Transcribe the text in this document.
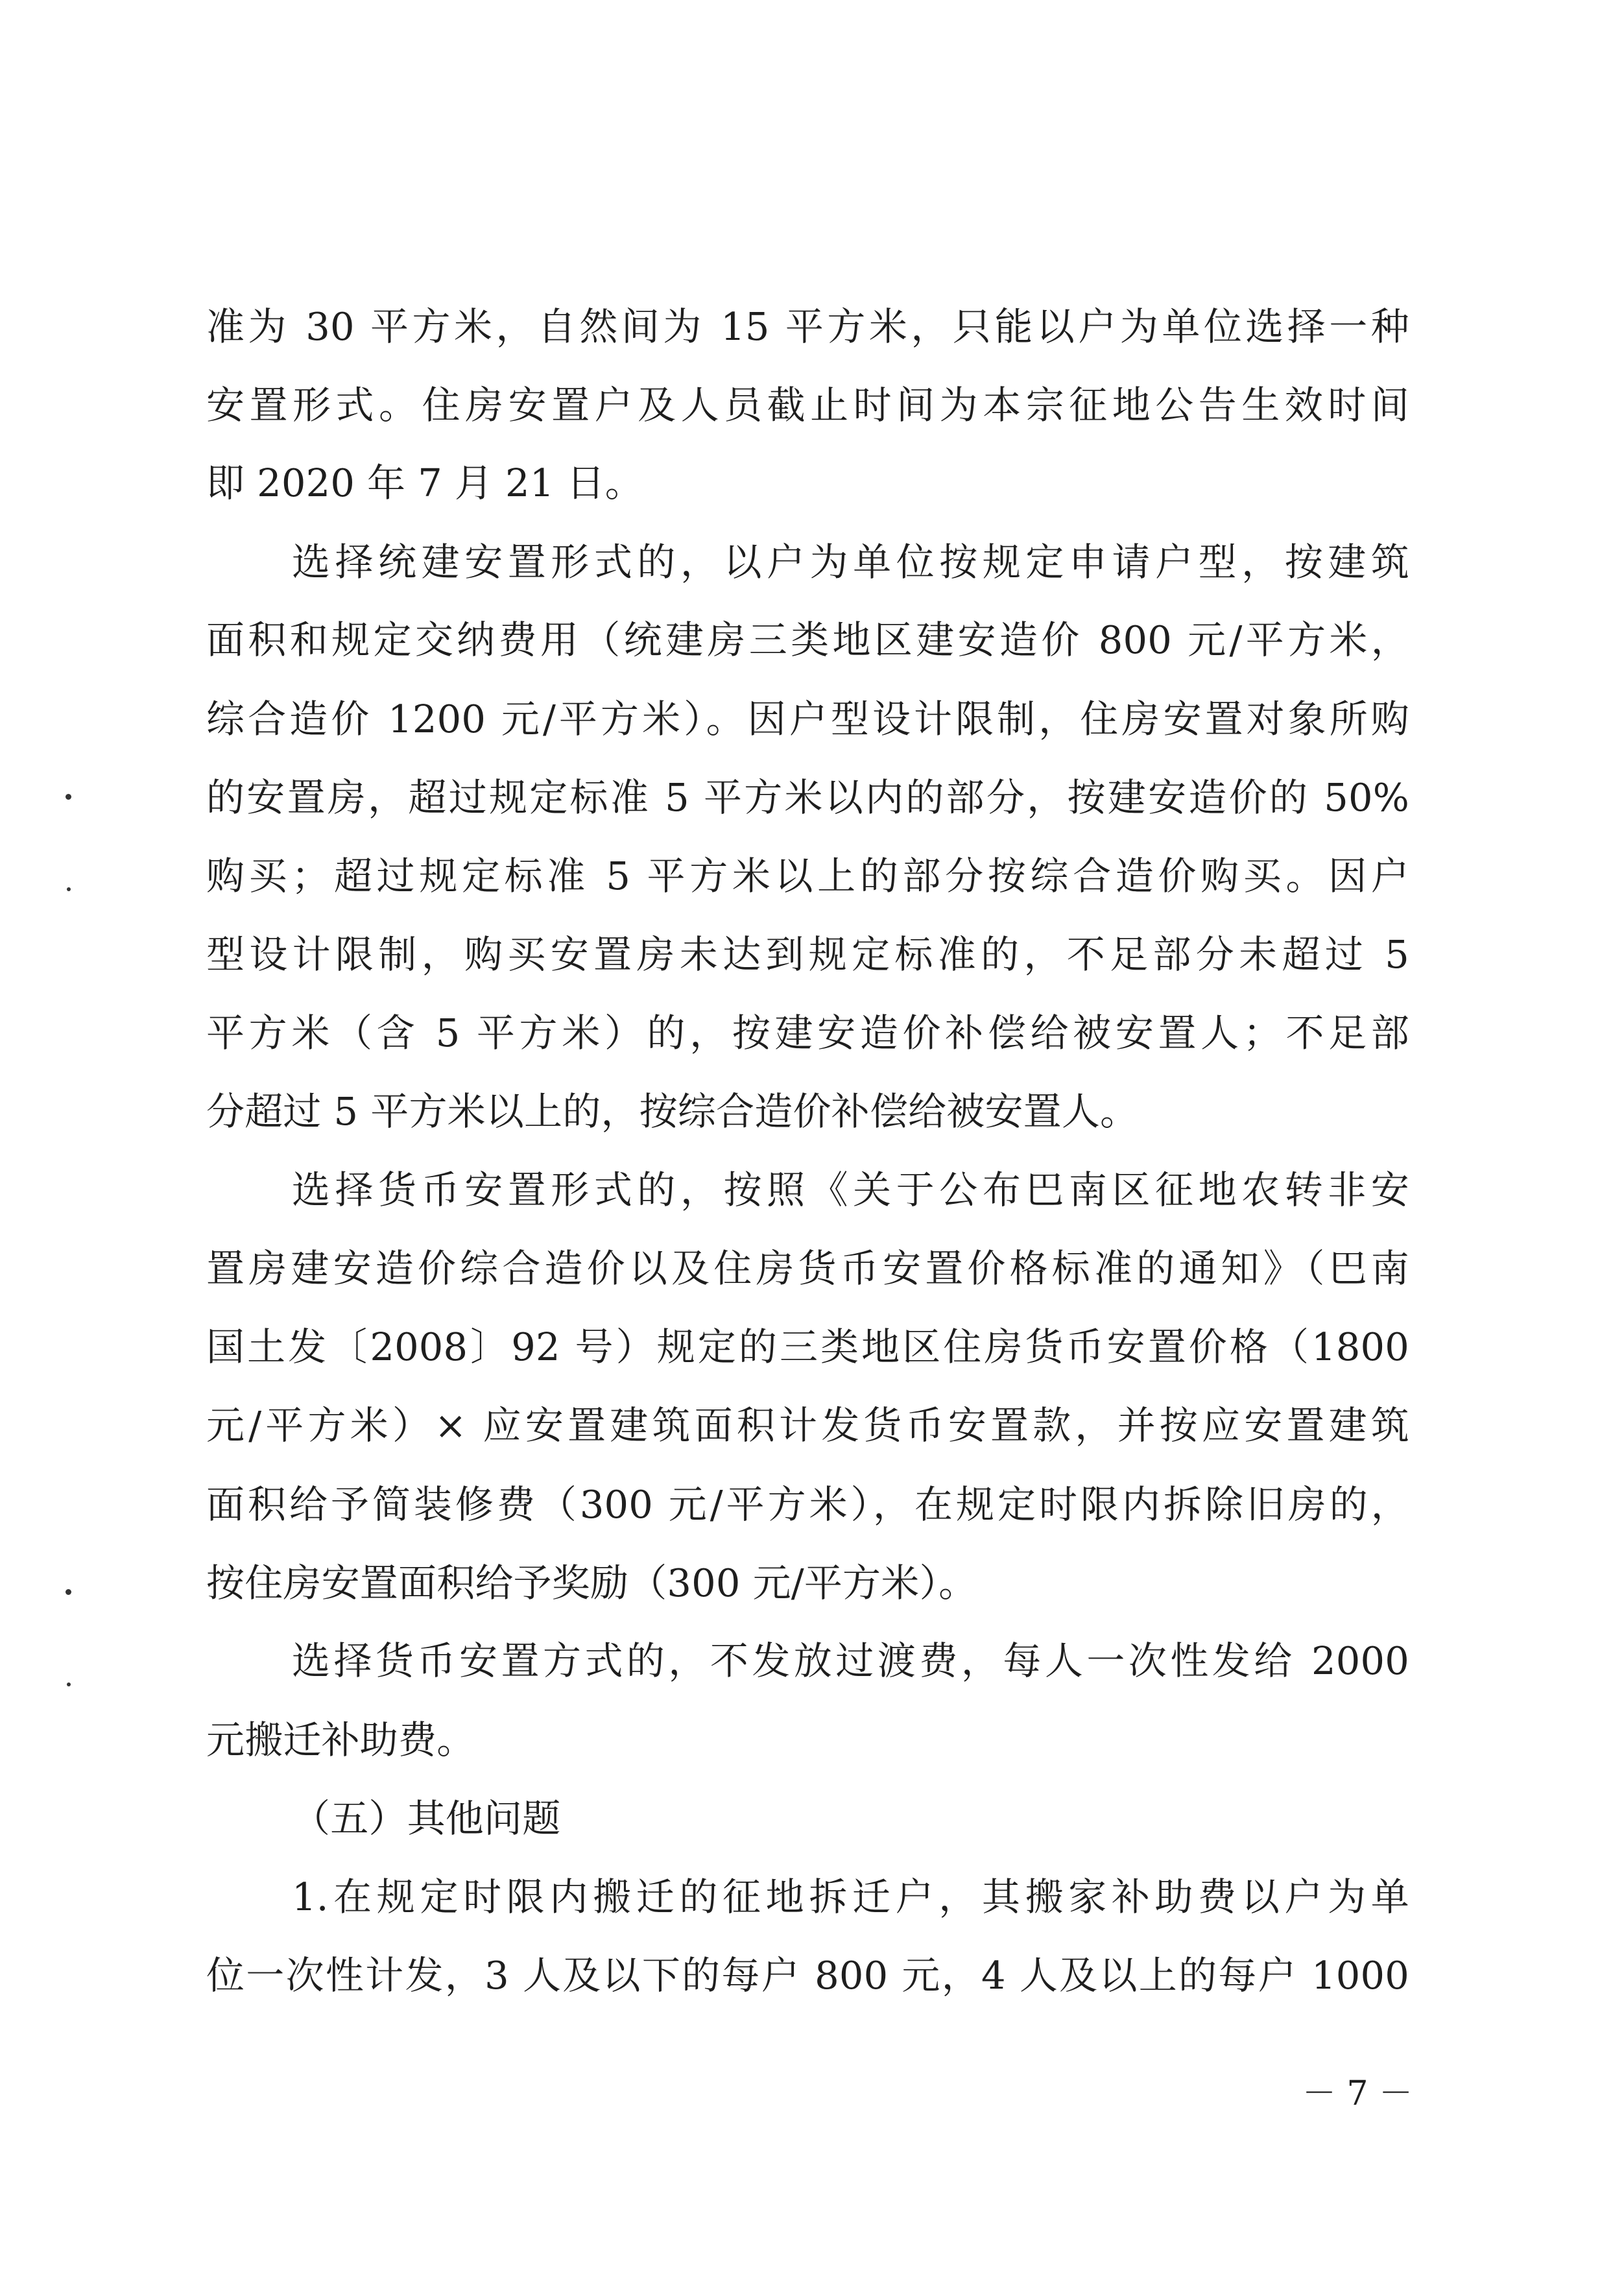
准为 30 平方米，自然间为 15 平方米，只能以户为单位选择一种
安置形式。住房安置户及人员截止时间为本宗征地公告生效时间
即 2020 年 7 月 21 日。
选择统建安置形式的，以户为单位按规定申请户型，按建筑
面积和规定交纳费用（统建房三类地区建安造价 800 元/平方米，
综合造价 1200 元/平方米）。因户型设计限制，住房安置对象所购
的安置房，超过规定标准 5 平方米以内的部分，按建安造价的 50%
购买；超过规定标准 5 平方米以上的部分按综合造价购买。因户
型设计限制，购买安置房未达到规定标准的，不足部分未超过 5
平方米（含 5 平方米）的，按建安造价补偿给被安置人；不足部
分超过 5 平方米以上的，按综合造价补偿给被安置人。
选择货币安置形式的，按照《关于公布巴南区征地农转非安
置房建安造价综合造价以及住房货币安置价格标准的通知》（巴南
国土发〔2008〕92 号）规定的三类地区住房货币安置价格（1800
元/平方米）× 应安置建筑面积计发货币安置款，并按应安置建筑
面积给予简装修费（300 元/平方米），在规定时限内拆除旧房的，
按住房安置面积给予奖励（300 元/平方米）。
选择货币安置方式的，不发放过渡费，每人一次性发给 2000
元搬迁补助费。
（五）其他问题
1.在规定时限内搬迁的征地拆迁户，其搬家补助费以户为单
位一次性计发，3 人及以下的每户 800 元，4 人及以上的每户 1000
－ 7 －
